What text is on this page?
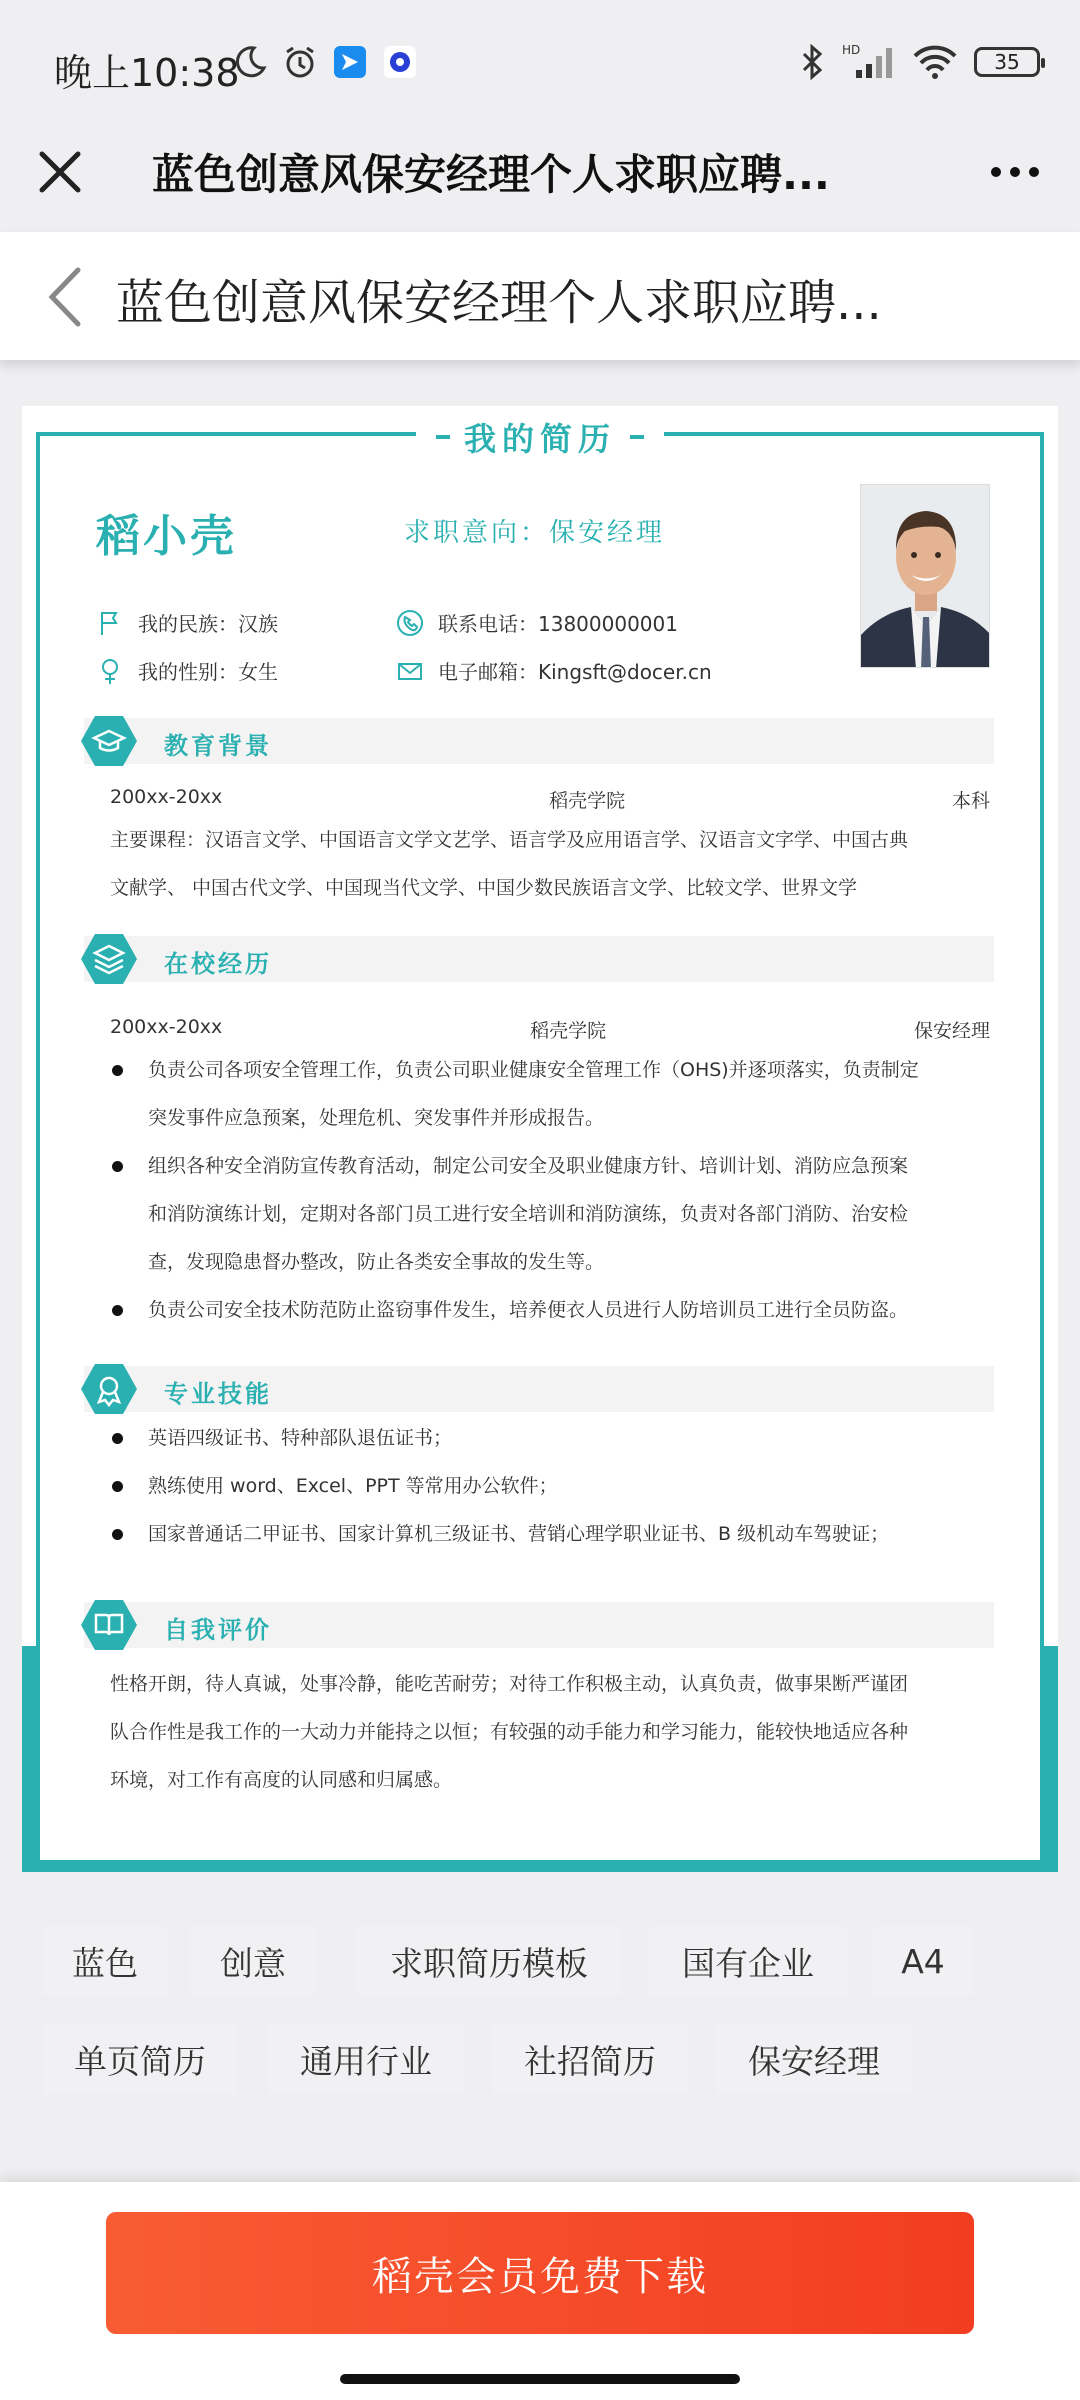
晚上10:38
HD	35
蓝色创意风保安经理个人求职应聘...
蓝色创意风保安经理个人求职应聘...
我的简历
稻小壳	求职意向：保安经理
我的民族：汉族
我的性别：女生
联系电话：13800000001
电子邮箱：Kingsft@docer.cn
教育背景
200xx-20xx	稻壳学院	本科
主要课程：汉语言文学、中国语言文学文艺学、语言学及应用语言学、汉语言文字学、中国古典
文献学、 中国古代文学、中国现当代文学、中国少数民族语言文学、比较文学、世界文学
在校经历
200xx-20xx	稻壳学院	保安经理
负责公司各项安全管理工作，负责公司职业健康安全管理工作（OHS)并逐项落实，负责制定
突发事件应急预案，处理危机、突发事件并形成报告。
组织各种安全消防宣传教育活动，制定公司安全及职业健康方针、培训计划、消防应急预案
和消防演练计划，定期对各部门员工进行安全培训和消防演练，负责对各部门消防、治安检
查，发现隐患督办整改，防止各类安全事故的发生等。
负责公司安全技术防范防止盗窃事件发生，培养便衣人员进行人防培训员工进行全员防盗。
专业技能
英语四级证书、特种部队退伍证书；
熟练使用 word、Excel、PPT 等常用办公软件；
国家普通话二甲证书、国家计算机三级证书、营销心理学职业证书、B 级机动车驾驶证；
自我评价
性格开朗，待人真诚，处事冷静，能吃苦耐劳；对待工作积极主动，认真负责，做事果断严谨团
队合作性是我工作的一大动力并能持之以恒；有较强的动手能力和学习能力，能较快地适应各种
环境，对工作有高度的认同感和归属感。
蓝色	创意	求职简历模板	国有企业	A4
单页简历	通用行业	社招简历	保安经理
稻壳会员免费下载
